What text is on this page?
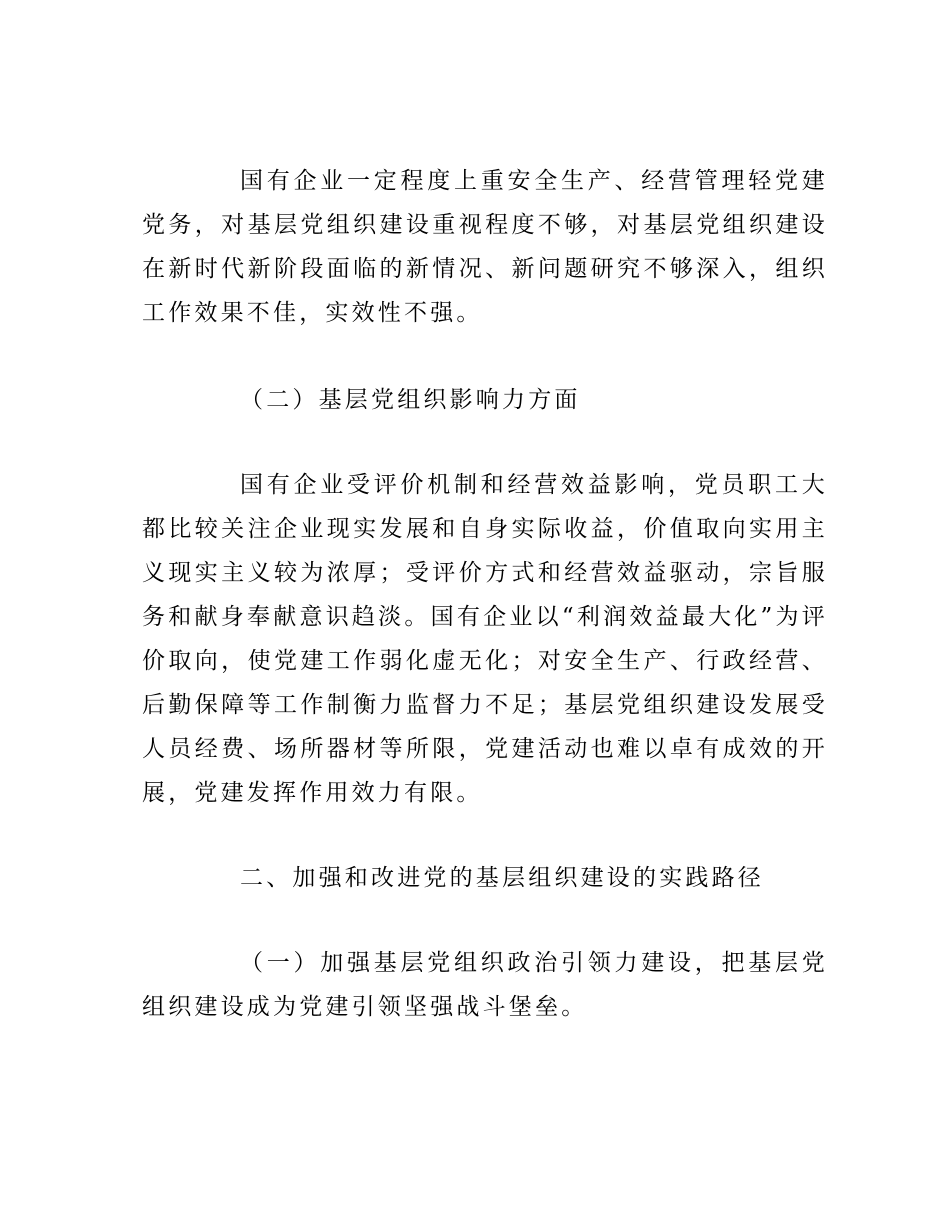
国有企业一定程度上重安全生产、经营管理轻党建党务，对基层党组织建设重视程度不够，对基层党组织建设在新时代新阶段面临的新情况、新问题研究不够深入，组织工作效果不佳，实效性不强。

（二）基层党组织影响力方面

国有企业受评价机制和经营效益影响，党员职工大都比较关注企业现实发展和自身实际收益，价值取向实用主义现实主义较为浓厚；受评价方式和经营效益驱动，宗旨服务和献身奉献意识趋淡。国有企业以“利润效益最大化”为评价取向，使党建工作弱化虚无化；对安全生产、行政经营、后勤保障等工作制衡力监督力不足；基层党组织建设发展受人员经费、场所器材等所限，党建活动也难以卓有成效的开展，党建发挥作用效力有限。

二、加强和改进党的基层组织建设的实践路径

（一）加强基层党组织政治引领力建设，把基层党组织建设成为党建引领坚强战斗堡垒。
